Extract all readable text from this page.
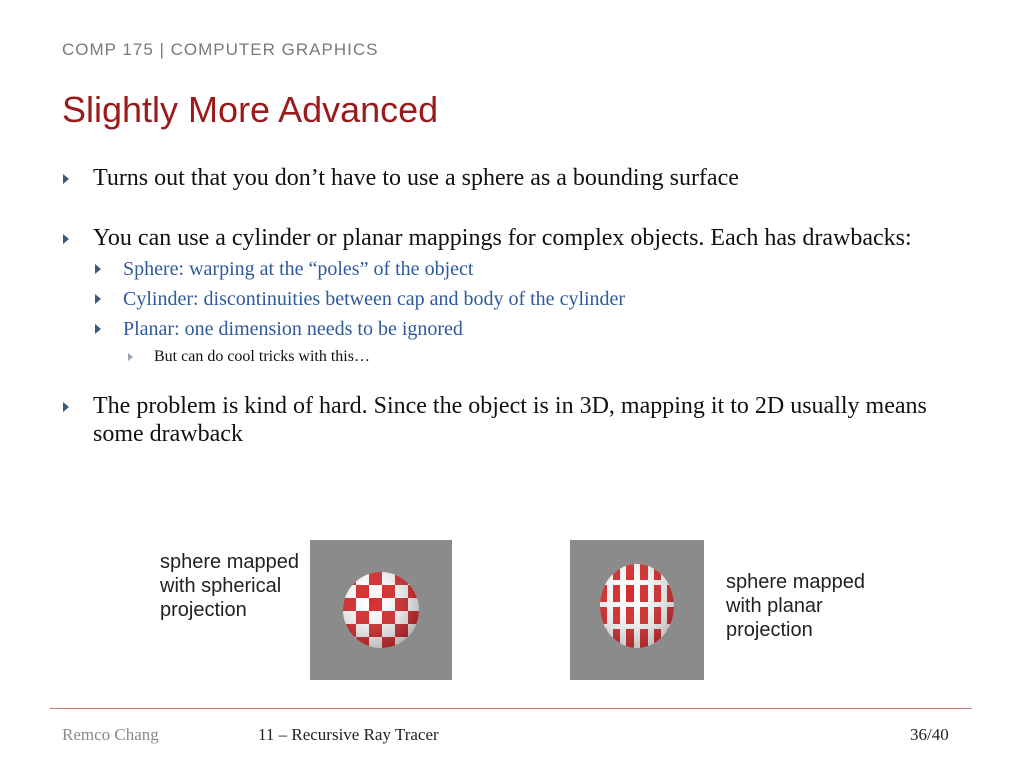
COMP 175 | COMPUTER GRAPHICS
Slightly More Advanced
Turns out that you don’t have to use a sphere as a bounding surface
You can use a cylinder or planar mappings for complex objects. Each has drawbacks:
Sphere: warping at the “poles” of the object
Cylinder: discontinuities between cap and body of the cylinder
Planar: one dimension needs to be ignored
But can do cool tricks with this…
The problem is kind of hard. Since the object is in 3D, mapping it to 2D usually means some drawback
sphere mapped with spherical projection
sphere mapped with planar projection
Remco Chang	11 – Recursive Ray Tracer	36/40
